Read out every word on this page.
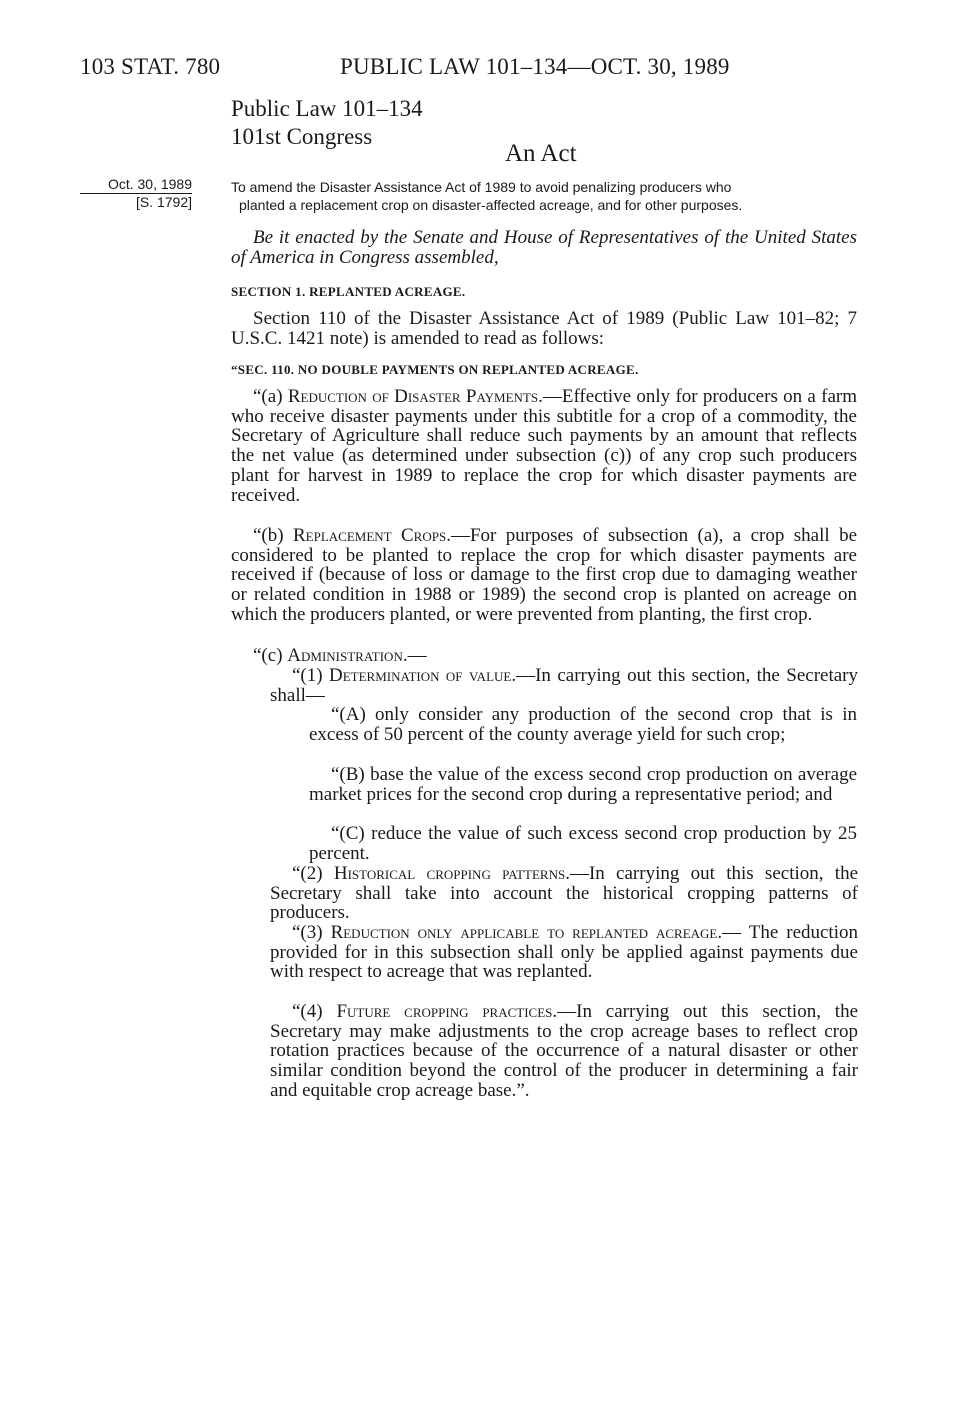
103 STAT. 780	PUBLIC LAW 101–134—OCT. 30, 1989
Public Law 101–134
101st Congress
An Act
Oct. 30, 1989
[S. 1792]
To amend the Disaster Assistance Act of 1989 to avoid penalizing producers who
planted a replacement crop on disaster-affected acreage, and for other purposes.
Be it enacted by the Senate and House of Representatives of the United States of America in Congress assembled,
SECTION 1. REPLANTED ACREAGE.
Section 110 of the Disaster Assistance Act of 1989 (Public Law 101–82; 7 U.S.C. 1421 note) is amended to read as follows:
“SEC. 110. NO DOUBLE PAYMENTS ON REPLANTED ACREAGE.
“(a) Reduction of Disaster Payments.—Effective only for producers on a farm who receive disaster payments under this subtitle for a crop of a commodity, the Secretary of Agriculture shall reduce such payments by an amount that reflects the net value (as determined under subsection (c)) of any crop such producers plant for harvest in 1989 to replace the crop for which disaster payments are received.
“(b) Replacement Crops.—For purposes of subsection (a), a crop shall be considered to be planted to replace the crop for which disaster payments are received if (because of loss or damage to the first crop due to damaging weather or related condition in 1988 or 1989) the second crop is planted on acreage on which the producers planted, or were prevented from planting, the first crop.
“(c) Administration.—
“(1) Determination of value.—In carrying out this section, the Secretary shall—
“(A) only consider any production of the second crop that is in excess of 50 percent of the county average yield for such crop;
“(B) base the value of the excess second crop production on average market prices for the second crop during a representative period; and
“(C) reduce the value of such excess second crop production by 25 percent.
“(2) Historical cropping patterns.—In carrying out this section, the Secretary shall take into account the historical cropping patterns of producers.
“(3) Reduction only applicable to replanted acreage.— The reduction provided for in this subsection shall only be applied against payments due with respect to acreage that was replanted.
“(4) Future cropping practices.—In carrying out this section, the Secretary may make adjustments to the crop acreage bases to reflect crop rotation practices because of the occurrence of a natural disaster or other similar condition beyond the control of the producer in determining a fair and equitable crop acreage base.”.
